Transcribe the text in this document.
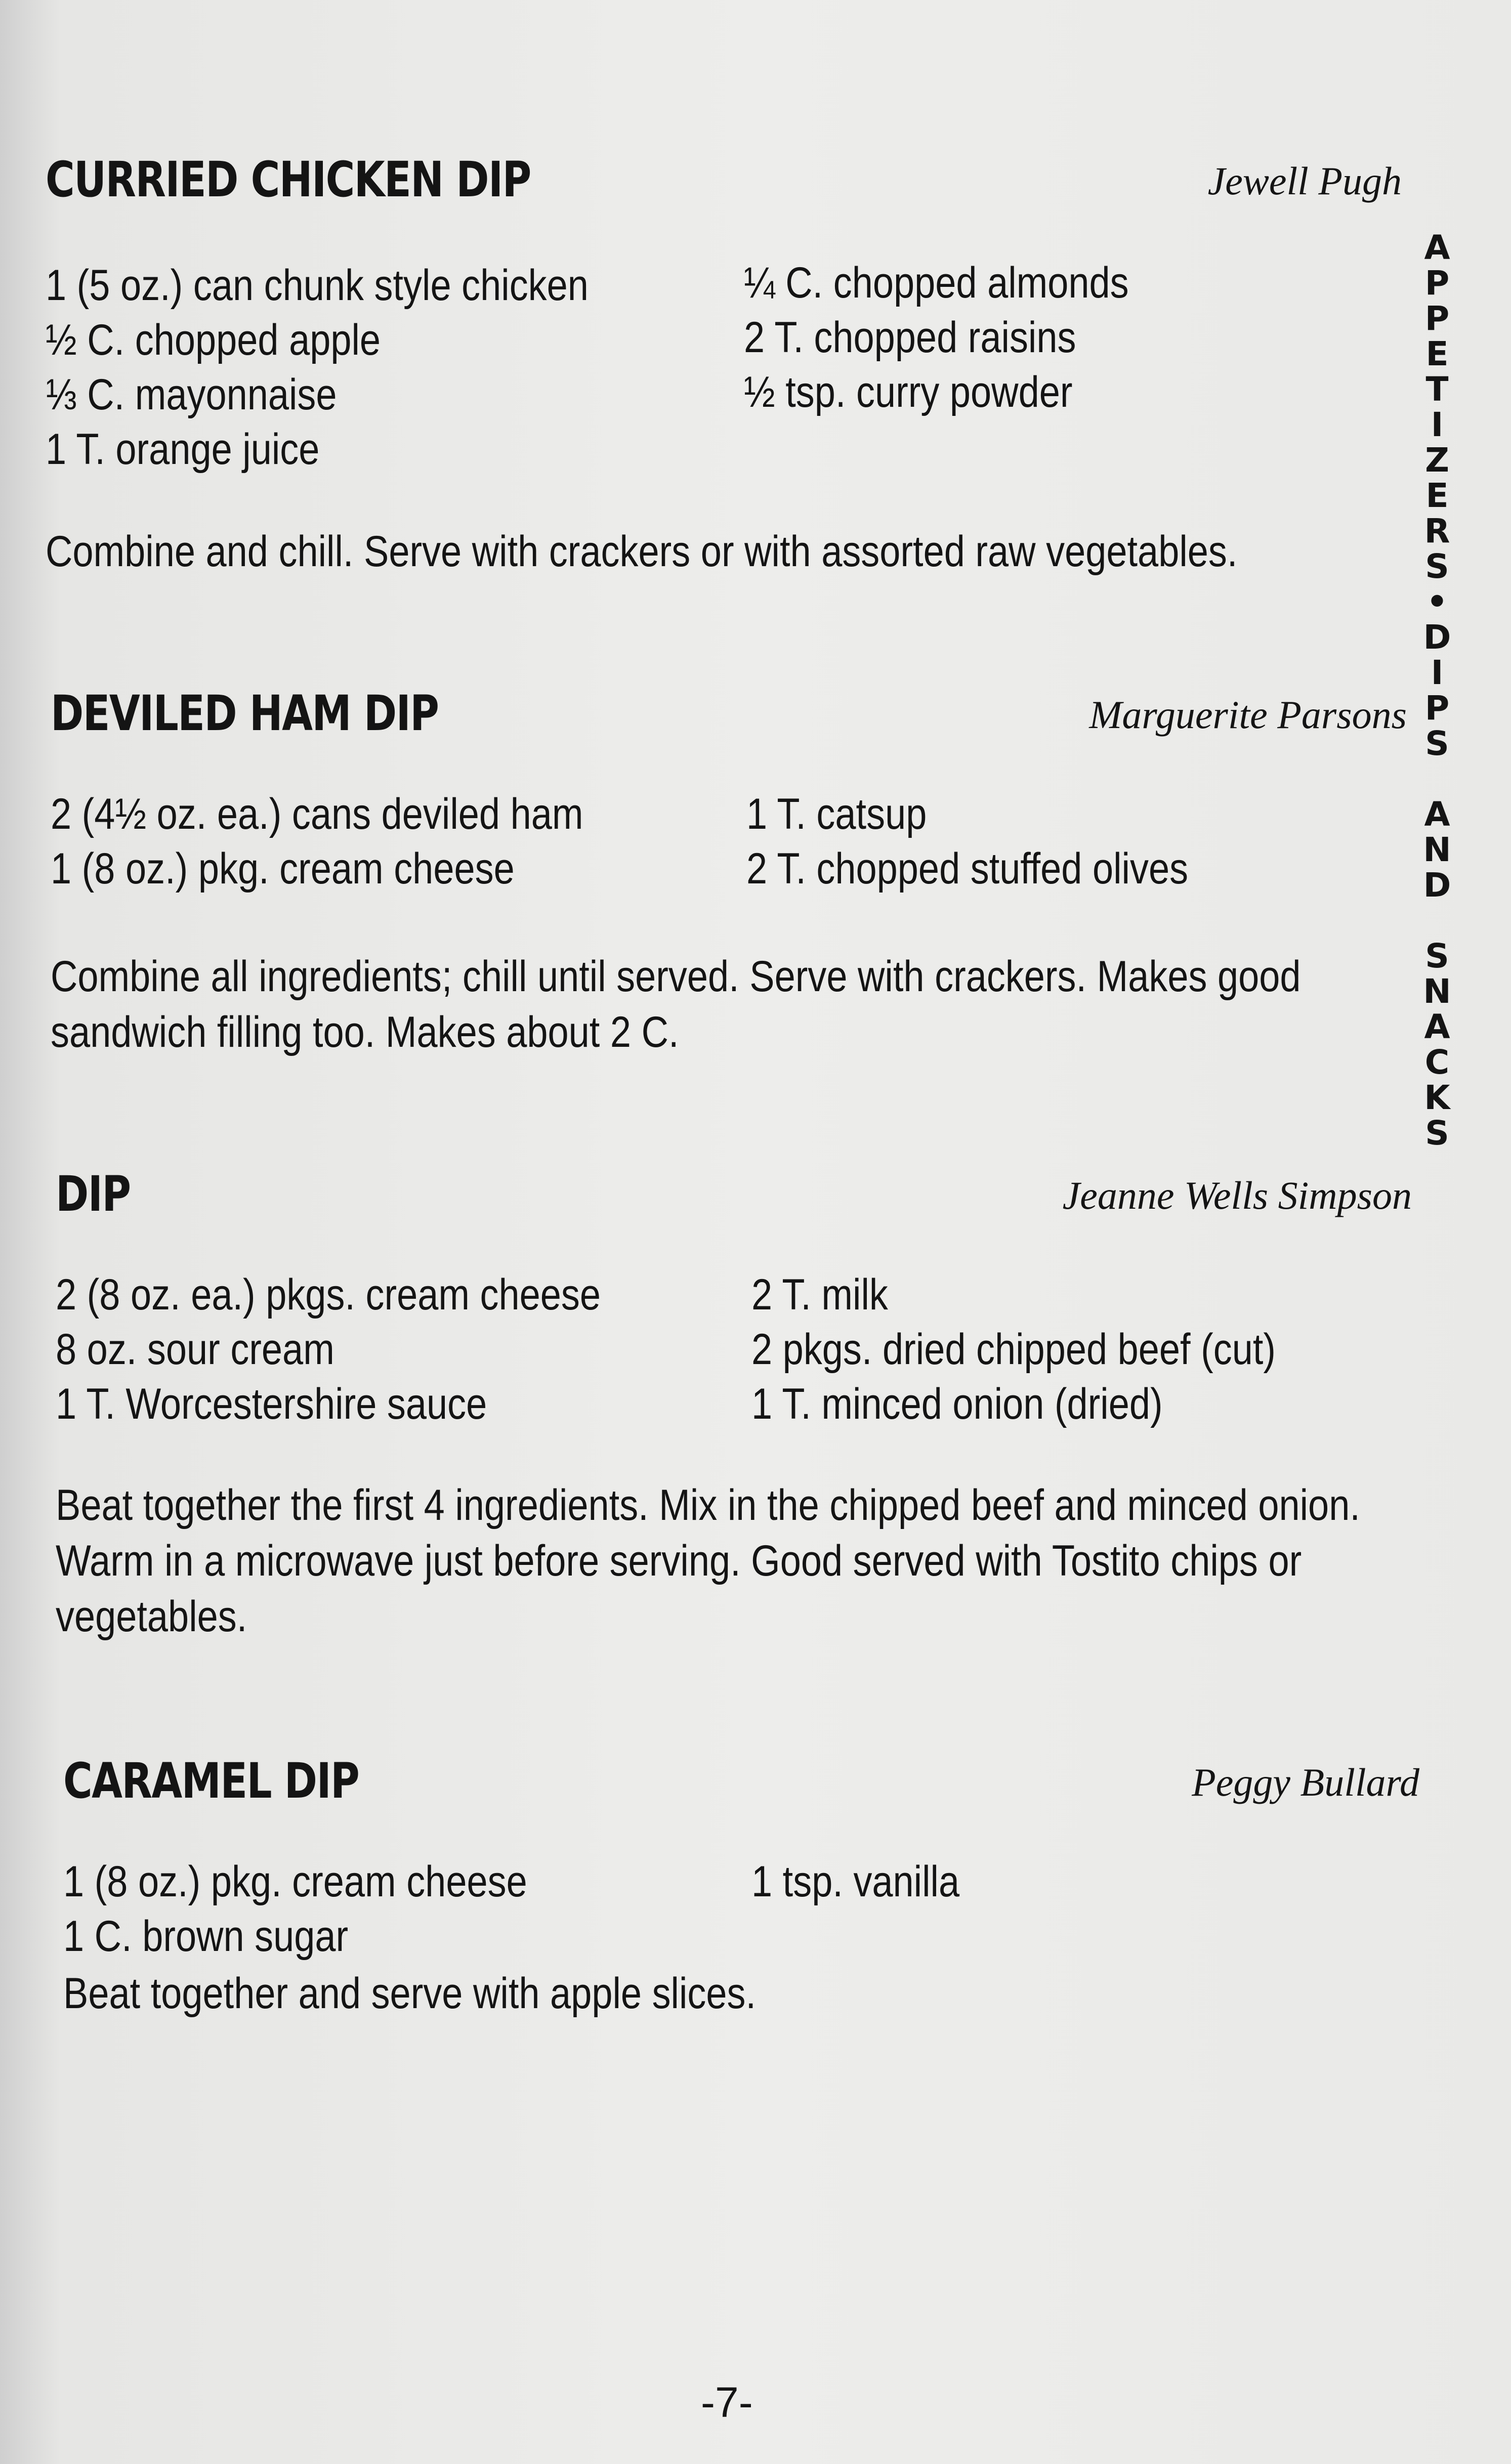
CURRIED CHICKEN DIP	Jewell Pugh
1 (5 oz.) can chunk style chicken
½ C. chopped apple
⅓ C. mayonnaise
1 T. orange juice
¼ C. chopped almonds
2 T. chopped raisins
½ tsp. curry powder

Combine and chill. Serve with crackers or with assorted raw vegetables.

DEVILED HAM DIP	Marguerite Parsons
2 (4½ oz. ea.) cans deviled ham
1 (8 oz.) pkg. cream cheese
1 T. catsup
2 T. chopped stuffed olives

Combine all ingredients; chill until served. Serve with crackers. Makes good sandwich filling too. Makes about 2 C.

DIP	Jeanne Wells Simpson
2 (8 oz. ea.) pkgs. cream cheese
8 oz. sour cream
1 T. Worcestershire sauce
2 T. milk
2 pkgs. dried chipped beef (cut)
1 T. minced onion (dried)

Beat together the first 4 ingredients. Mix in the chipped beef and minced onion. Warm in a microwave just before serving. Good served with Tostito chips or vegetables.

CARAMEL DIP	Peggy Bullard
1 (8 oz.) pkg. cream cheese
1 C. brown sugar
1 tsp. vanilla

Beat together and serve with apple slices.

A
P
P
E
T
I
Z
E
R
S
•
D
I
P
S
A
N
D
S
N
A
C
K
S
-7-
